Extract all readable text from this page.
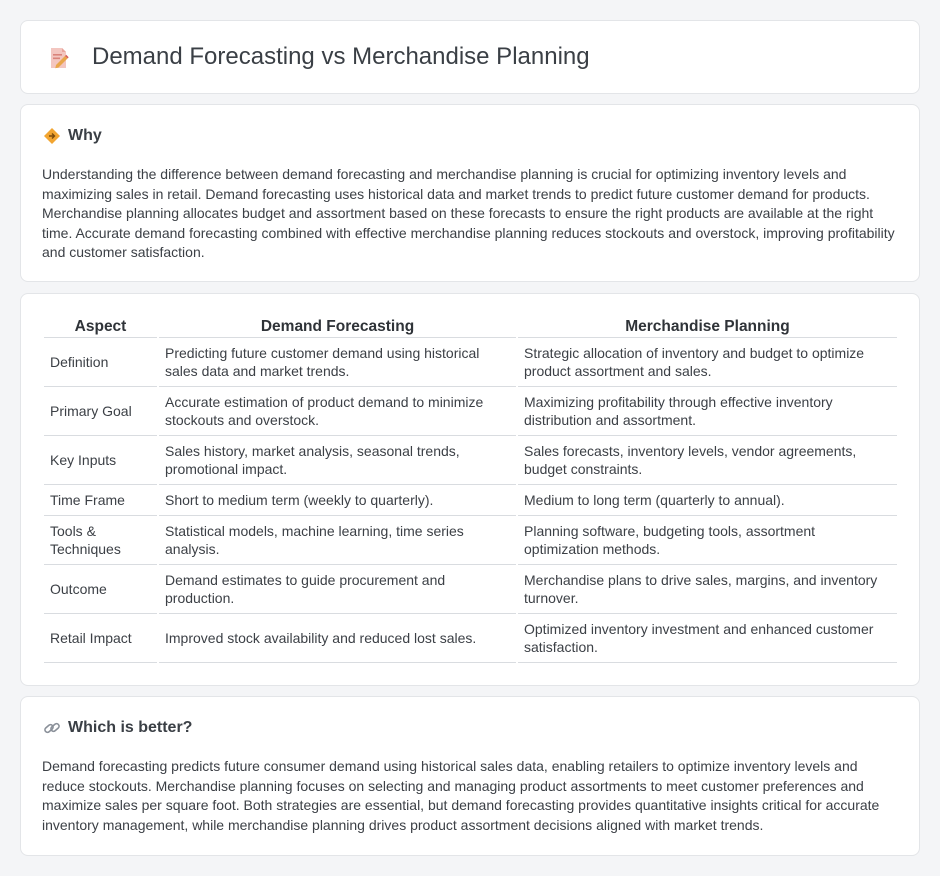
Demand Forecasting vs Merchandise Planning
Why

Understanding the difference between demand forecasting and merchandise planning is crucial for optimizing inventory levels and maximizing sales in retail. Demand forecasting uses historical data and market trends to predict future customer demand for products. Merchandise planning allocates budget and assortment based on these forecasts to ensure the right products are available at the right time. Accurate demand forecasting combined with effective merchandise planning reduces stockouts and overstock, improving profitability and customer satisfaction.

Aspect	Demand Forecasting	Merchandise Planning
Definition	Predicting future customer demand using historical sales data and market trends.	Strategic allocation of inventory and budget to optimize product assortment and sales.
Primary Goal	Accurate estimation of product demand to minimize stockouts and overstock.	Maximizing profitability through effective inventory distribution and assortment.
Key Inputs	Sales history, market analysis, seasonal trends, promotional impact.	Sales forecasts, inventory levels, vendor agreements, budget constraints.
Time Frame	Short to medium term (weekly to quarterly).	Medium to long term (quarterly to annual).
Tools & Techniques	Statistical models, machine learning, time series analysis.	Planning software, budgeting tools, assortment optimization methods.
Outcome	Demand estimates to guide procurement and production.	Merchandise plans to drive sales, margins, and inventory turnover.
Retail Impact	Improved stock availability and reduced lost sales.	Optimized inventory investment and enhanced customer satisfaction.
Which is better?

Demand forecasting predicts future consumer demand using historical sales data, enabling retailers to optimize inventory levels and reduce stockouts. Merchandise planning focuses on selecting and managing product assortments to meet customer preferences and maximize sales per square foot. Both strategies are essential, but demand forecasting provides quantitative insights critical for accurate inventory management, while merchandise planning drives product assortment decisions aligned with market trends.
